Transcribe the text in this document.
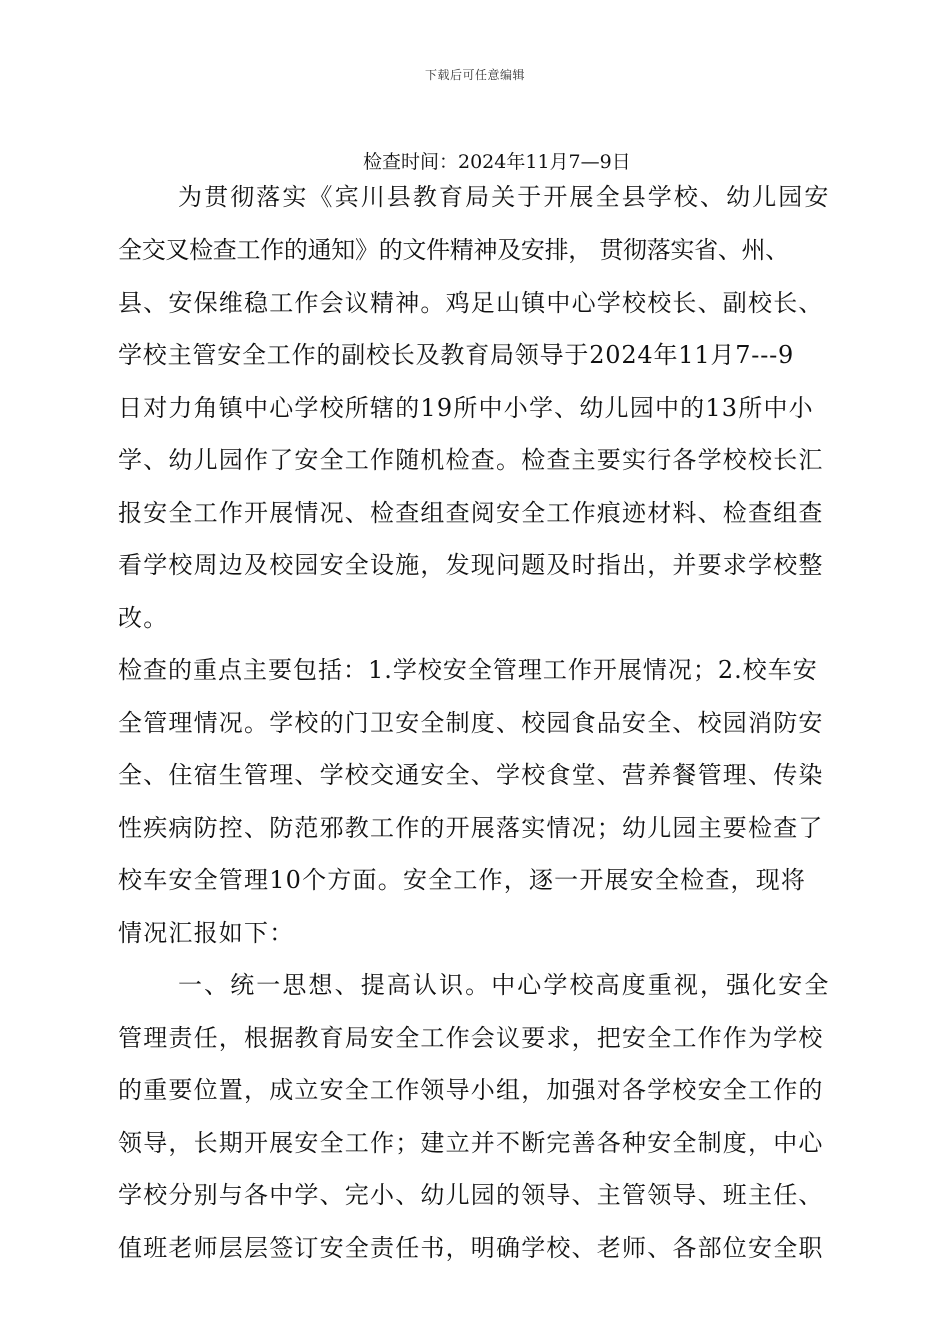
下载后可任意编辑
检查时间：2024年11月7—9日
为贯彻落实《宾川县教育局关于开展全县学校、幼儿园安
全交叉检查工作的通知》的文件精神及安排， 贯彻落实省、州、
县、安保维稳工作会议精神。鸡足山镇中心学校校长、副校长、
学校主管安全工作的副校长及教育局领导于2024年11月7---9
日对力角镇中心学校所辖的19所中小学、幼儿园中的13所中小
学、幼儿园作了安全工作随机检查。检查主要实行各学校校长汇
报安全工作开展情况、检查组查阅安全工作痕迹材料、检查组查
看学校周边及校园安全设施，发现问题及时指出，并要求学校整
改。
检查的重点主要包括：1.学校安全管理工作开展情况；2.校车安
全管理情况。学校的门卫安全制度、校园食品安全、校园消防安
全、住宿生管理、学校交通安全、学校食堂、营养餐管理、传染
性疾病防控、防范邪教工作的开展落实情况；幼儿园主要检查了
校车安全管理10个方面。安全工作，逐一开展安全检查，现将
情况汇报如下：
一、统一思想、提高认识。中心学校高度重视，强化安全
管理责任，根据教育局安全工作会议要求，把安全工作作为学校
的重要位置，成立安全工作领导小组，加强对各学校安全工作的
领导，长期开展安全工作；建立并不断完善各种安全制度，中心
学校分别与各中学、完小、幼儿园的领导、主管领导、班主任、
值班老师层层签订安全责任书，明确学校、老师、各部位安全职
